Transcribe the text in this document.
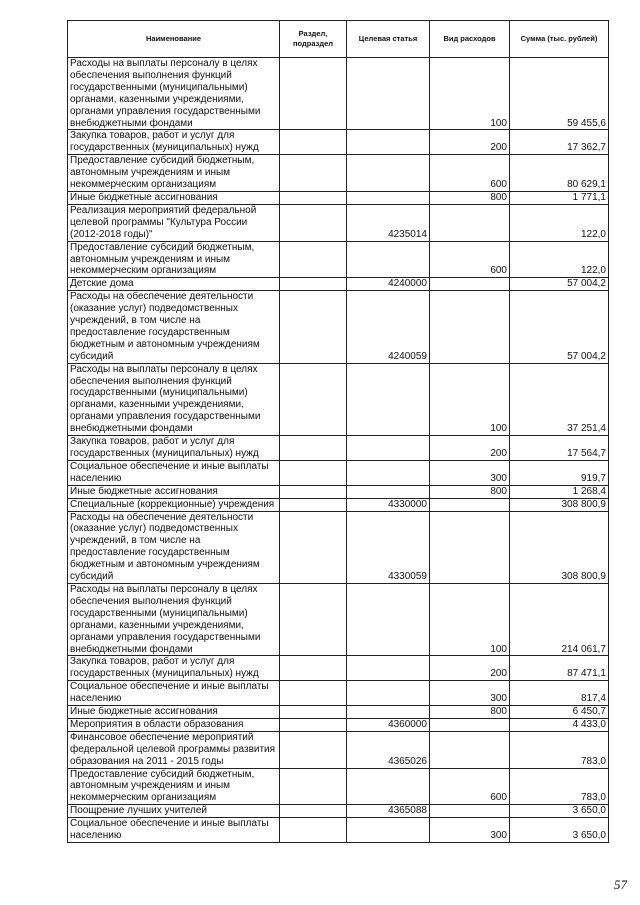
Наименование	Раздел, подраздел	Целевая статья	Вид расходов	Сумма (тыс. рублей)
Расходы на выплаты персоналу в целях обеспечения выполнения функций государственными (муниципальными) органами, казенными учреждениями, органами управления государственными внебюджетными фондами			100	59 455,6
Закупка товаров, работ и услуг для государственных (муниципальных) нужд			200	17 362,7
Предоставление субсидий бюджетным, автономным учреждениям и иным некоммерческим организациям			600	80 629,1
Иные бюджетные ассигнования			800	1 771,1
Реализация мероприятий федеральной целевой программы "Культура России (2012-2018 годы)"		4235014		122,0
Предоставление субсидий бюджетным, автономным учреждениям и иным некоммерческим организациям			600	122,0
Детские дома		4240000		57 004,2
Расходы на обеспечение деятельности (оказание услуг) подведомственных учреждений, в том числе на предоставление государственным бюджетным и автономным учреждениям субсидий		4240059		57 004,2
Расходы на выплаты персоналу в целях обеспечения выполнения функций государственными (муниципальными) органами, казенными учреждениями, органами управления государственными внебюджетными фондами			100	37 251,4
Закупка товаров, работ и услуг для государственных (муниципальных) нужд			200	17 564,7
Социальное обеспечение и иные выплаты населению			300	919,7
Иные бюджетные ассигнования			800	1 268,4
Специальные (коррекционные) учреждения		4330000		308 800,9
Расходы на обеспечение деятельности (оказание услуг) подведомственных учреждений, в том числе на предоставление государственным бюджетным и автономным учреждениям субсидий		4330059		308 800,9
Расходы на выплаты персоналу в целях обеспечения выполнения функций государственными (муниципальными) органами, казенными учреждениями, органами управления государственными внебюджетными фондами			100	214 061,7
Закупка товаров, работ и услуг для государственных (муниципальных) нужд			200	87 471,1
Социальное обеспечение и иные выплаты населению			300	817,4
Иные бюджетные ассигнования			800	6 450,7
Мероприятия в области образования		4360000		4 433,0
Финансовое обеспечение мероприятий федеральной целевой программы развития образования на 2011 - 2015 годы		4365026		783,0
Предоставление субсидий бюджетным, автономным учреждениям и иным некоммерческим организациям			600	783,0
Поощрение лучших учителей		4365088		3 650,0
Социальное обеспечение и иные выплаты населению			300	3 650,0
57
